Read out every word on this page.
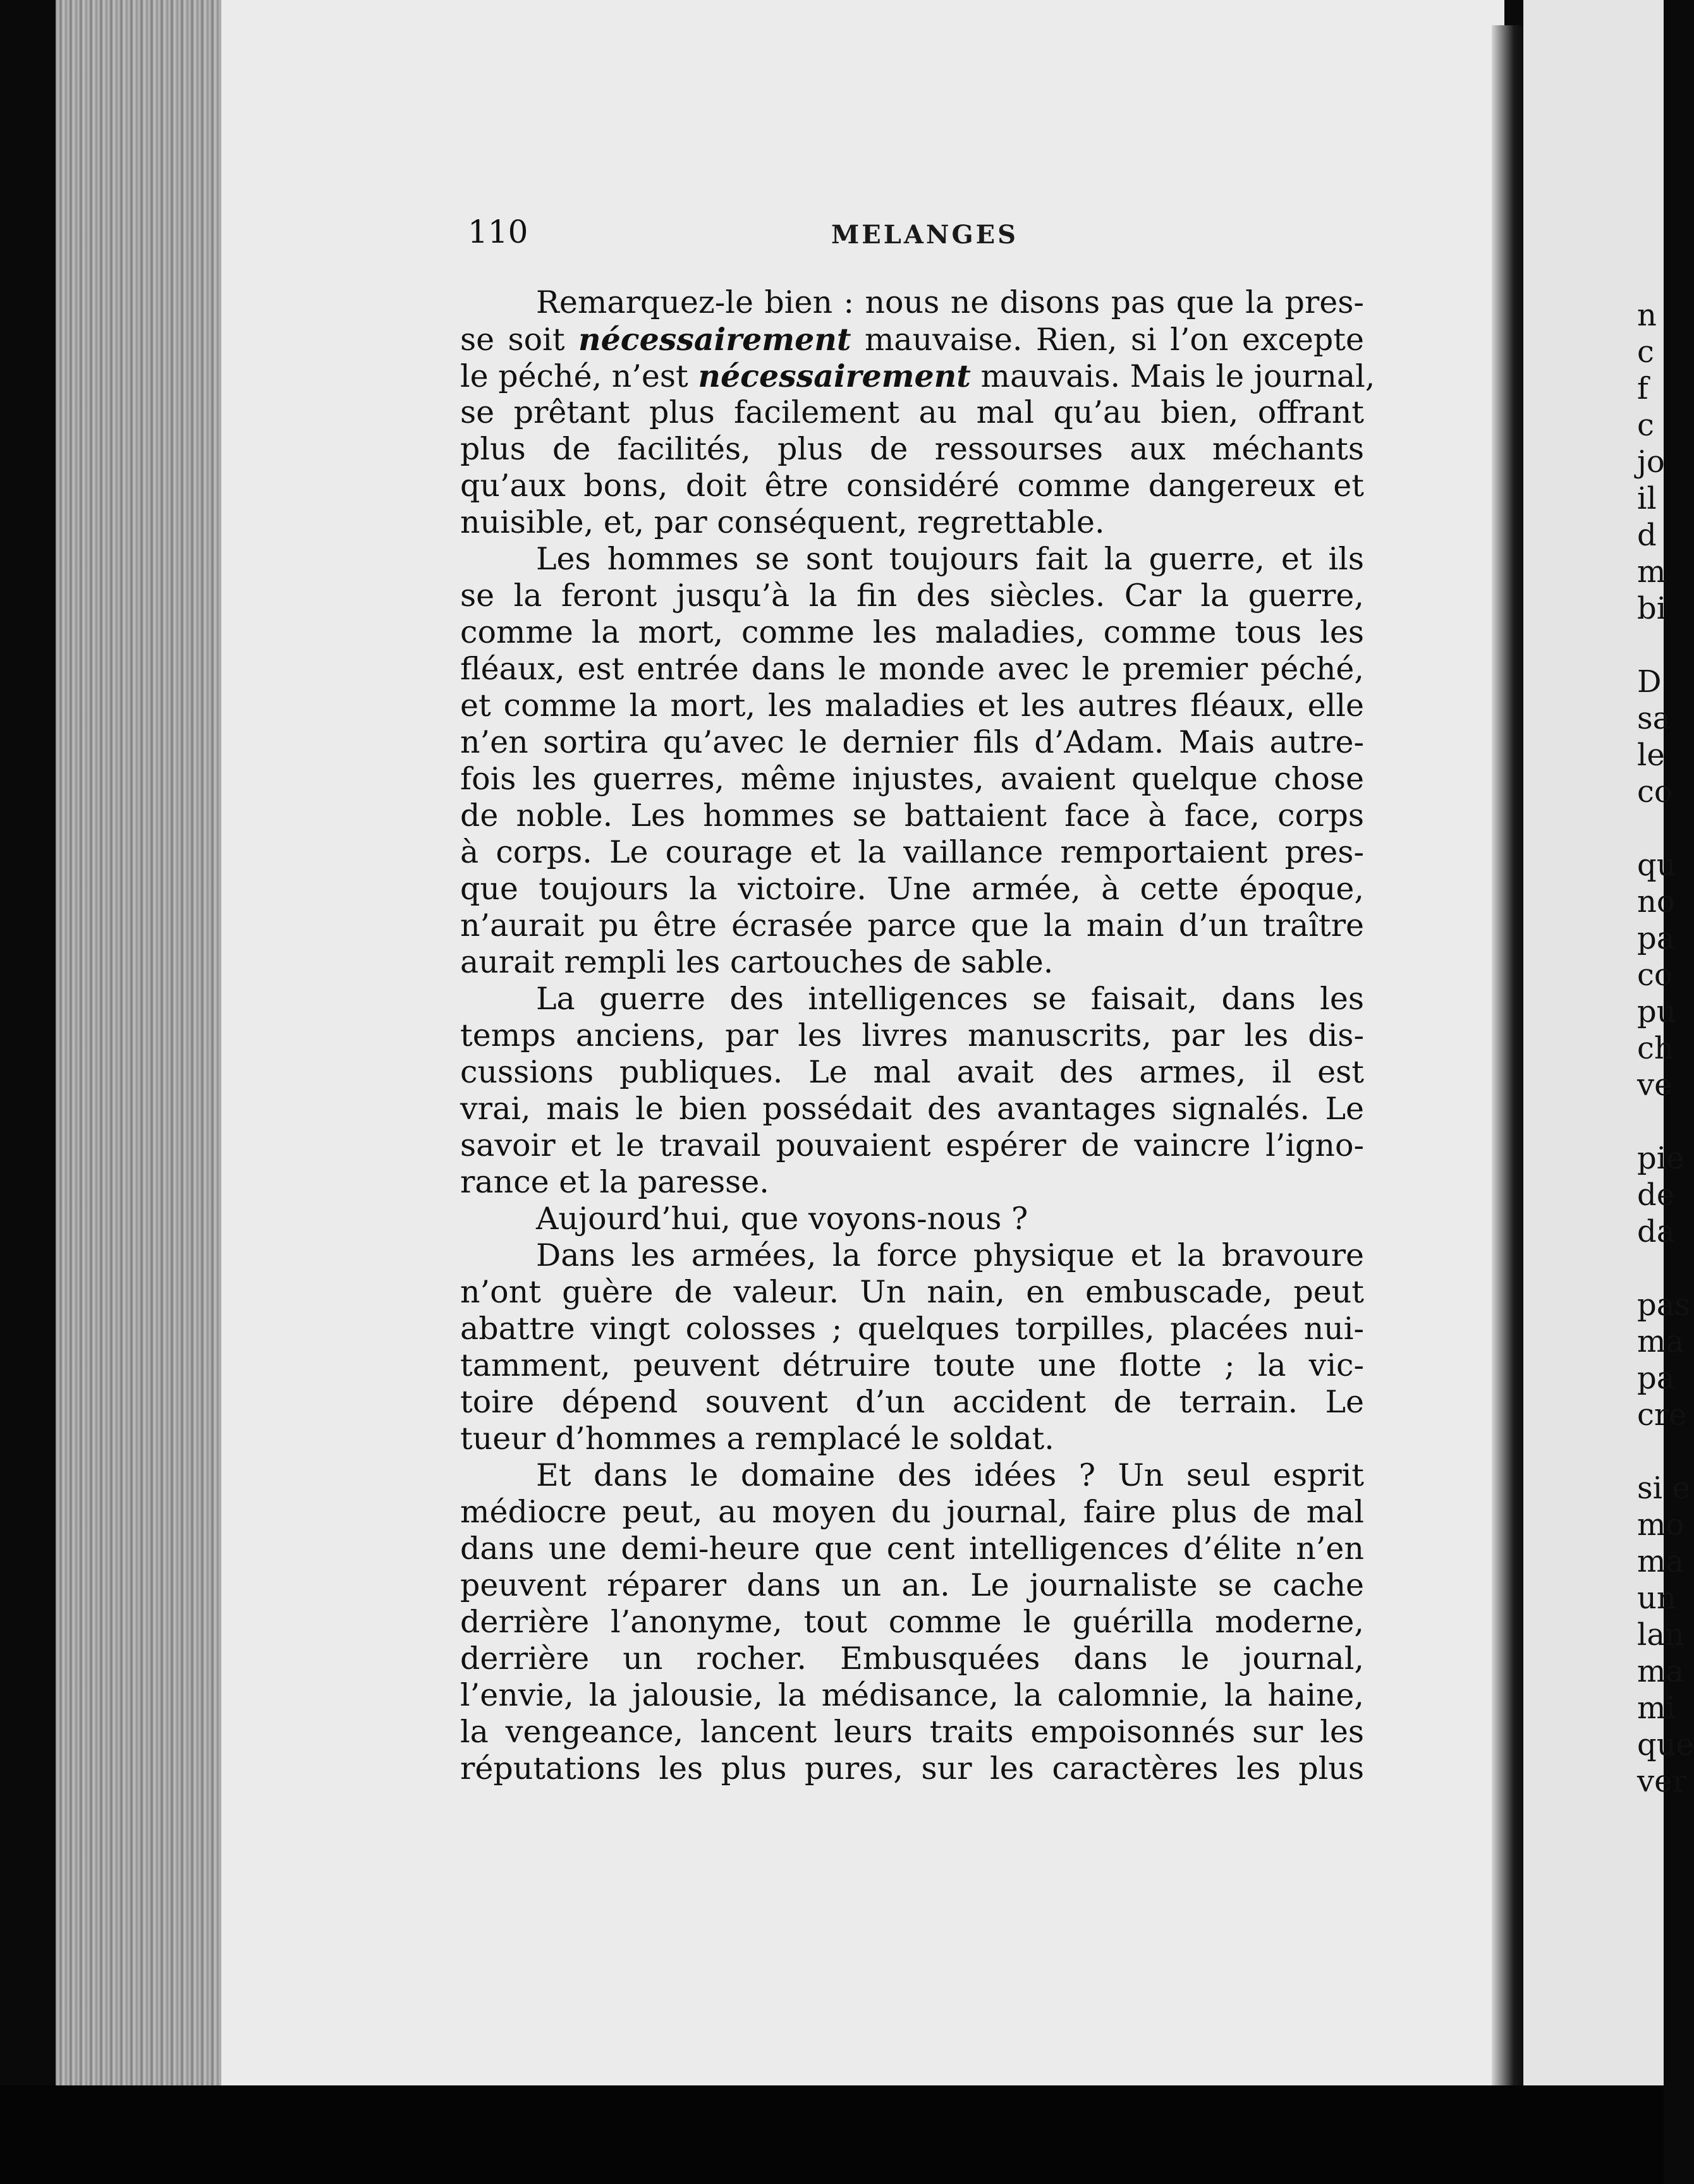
110	MELANGES
Remarquez-le bien : nous ne disons pas que la pres-
se soit nécessairement mauvaise. Rien, si l’on excepte
le péché, n’est nécessairement mauvais. Mais le journal,
se prêtant plus facilement au mal qu’au bien, offrant
plus de facilités, plus de ressourses aux méchants
qu’aux bons, doit être considéré comme dangereux et
nuisible, et, par conséquent, regrettable.
Les hommes se sont toujours fait la guerre, et ils
se la feront jusqu’à la fin des siècles. Car la guerre,
comme la mort, comme les maladies, comme tous les
fléaux, est entrée dans le monde avec le premier péché,
et comme la mort, les maladies et les autres fléaux, elle
n’en sortira qu’avec le dernier fils d’Adam. Mais autre-
fois les guerres, même injustes, avaient quelque chose
de noble. Les hommes se battaient face à face, corps
à corps. Le courage et la vaillance remportaient pres-
que toujours la victoire. Une armée, à cette époque,
n’aurait pu être écrasée parce que la main d’un traître
aurait rempli les cartouches de sable.
La guerre des intelligences se faisait, dans les
temps anciens, par les livres manuscrits, par les dis-
cussions publiques. Le mal avait des armes, il est
vrai, mais le bien possédait des avantages signalés. Le
savoir et le travail pouvaient espérer de vaincre l’igno-
rance et la paresse.
Aujourd’hui, que voyons-nous ?
Dans les armées, la force physique et la bravoure
n’ont guère de valeur. Un nain, en embuscade, peut
abattre vingt colosses ; quelques torpilles, placées nui-
tamment, peuvent détruire toute une flotte ; la vic-
toire dépend souvent d’un accident de terrain. Le
tueur d’hommes a remplacé le soldat.
Et dans le domaine des idées ? Un seul esprit
médiocre peut, au moyen du journal, faire plus de mal
dans une demi-heure que cent intelligences d’élite n’en
peuvent réparer dans un an. Le journaliste se cache
derrière l’anonyme, tout comme le guérilla moderne,
derrière un rocher. Embusquées dans le journal,
l’envie, la jalousie, la médisance, la calomnie, la haine,
la vengeance, lancent leurs traits empoisonnés sur les
réputations les plus pures, sur les caractères les plus
n
c
f
c
jo
il
d
m
bi
D
sa
le
co
qu
no
pa
co
pu
ch
ve
pie
de
da
pas
ma
pa
cre
si e
mo
ma
un
lan
ma
mi
que
ver
